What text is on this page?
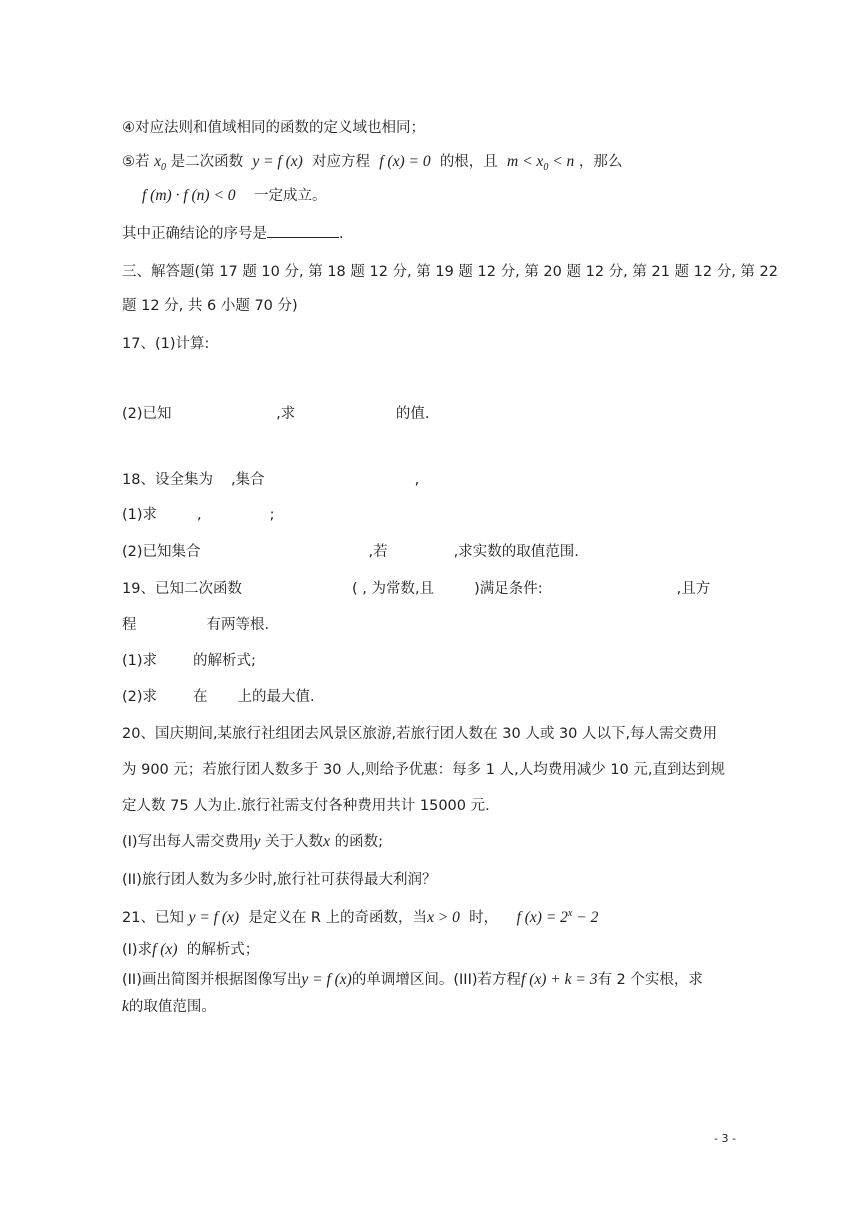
④对应法则和值域相同的函数的定义域也相同；
⑤若 $x_0$ 是二次函数 y = f (x) 对应方程 f (x) = 0 的根，且 $m < x_0 < n$ ，那么
f (m) · f (n) < 0 一定成立。
其中正确结论的序号是	.
三、解答题(第 17 题 10 分, 第 18 题 12 分, 第 19 题 12 分, 第 20 题 12 分, 第 21 题 12 分, 第 22
题 12 分, 共 6 小题 70 分)
17、(1)计算:
(2)已知	,求	的值.
18、设全集为 ,集合	,
(1)求	,	;
(2)已知集合	,若	,求实数的取值范围.
19、已知二次函数	( , 为常数,且	)满足条件:	,且方
程	有两等根.
(1)求 的解析式;
(2)求 在 上的最大值.
20、国庆期间,某旅行社组团去风景区旅游,若旅行团人数在 30 人或 30 人以下,每人需交费用
为 900 元；若旅行团人数多于 30 人,则给予优惠：每多 1 人,人均费用减少 10 元,直到达到规
定人数 75 人为止.旅行社需支付各种费用共计 15000 元.
(I)写出每人需交费用y 关于人数x 的函数;
(II)旅行团人数为多少时,旅行社可获得最大利润？
21、已知 y = f (x) 是定义在 R 上的奇函数，当x > 0 时， f $(x) = 2^x - 2$
(I)求f (x) 的解析式；
(II)画出简图并根据图像写出y = f (x)的单调增区间。(III)若方程f (x) + k = 3有 2 个实根，求
k的取值范围。
- 3 -
